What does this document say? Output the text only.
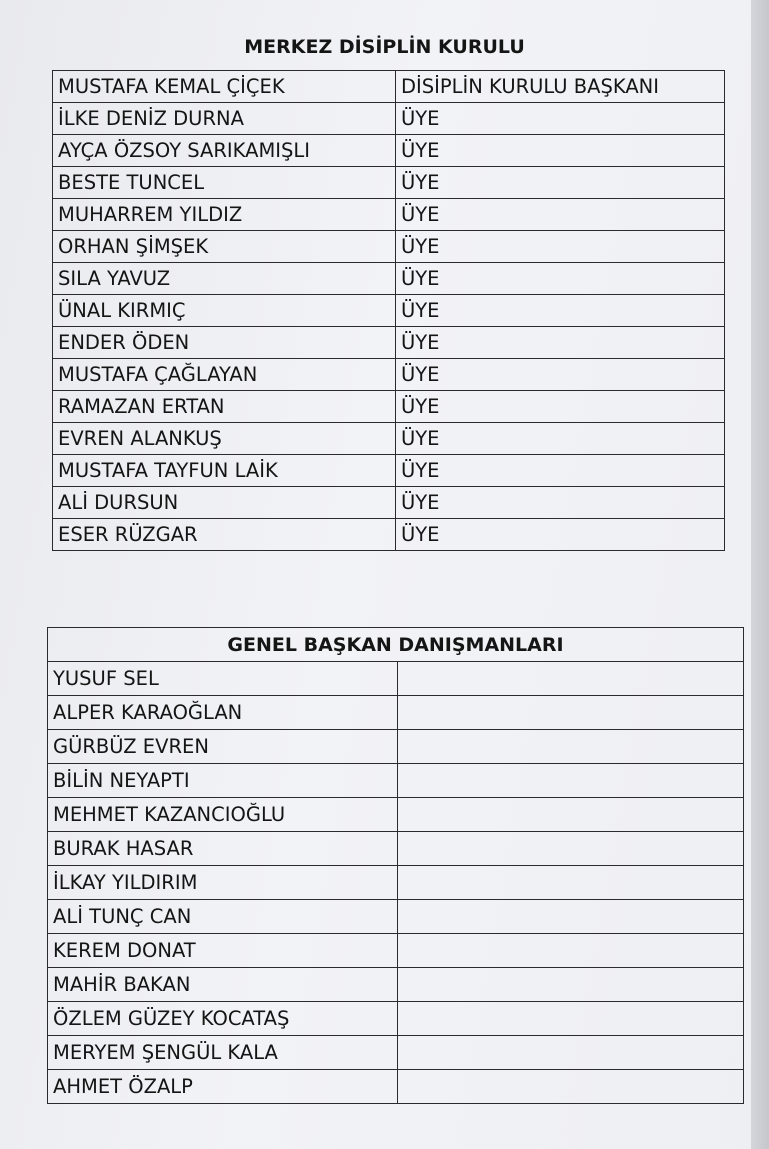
MERKEZ DİSİPLİN KURULU
MUSTAFA KEMAL ÇİÇEK	DİSİPLİN KURULU BAŞKANI
İLKE DENİZ DURNA	ÜYE
AYÇA ÖZSOY SARIKAMIŞLI	ÜYE
BESTE TUNCEL	ÜYE
MUHARREM YILDIZ	ÜYE
ORHAN ŞİMŞEK	ÜYE
SILA YAVUZ	ÜYE
ÜNAL KIRMIÇ	ÜYE
ENDER ÖDEN	ÜYE
MUSTAFA ÇAĞLAYAN	ÜYE
RAMAZAN ERTAN	ÜYE
EVREN ALANKUŞ	ÜYE
MUSTAFA TAYFUN LAİK	ÜYE
ALİ DURSUN	ÜYE
ESER RÜZGAR	ÜYE
GENEL BAŞKAN DANIŞMANLARI	
YUSUF SEL	
ALPER KARAOĞLAN	
GÜRBÜZ EVREN	
BİLİN NEYAPTI	
MEHMET KAZANCIOĞLU	
BURAK HASAR	
İLKAY YILDIRIM	
ALİ TUNÇ CAN	
KEREM DONAT	
MAHİR BAKAN	
ÖZLEM GÜZEY KOCATAŞ	
MERYEM ŞENGÜL KALA	
AHMET ÖZALP	
